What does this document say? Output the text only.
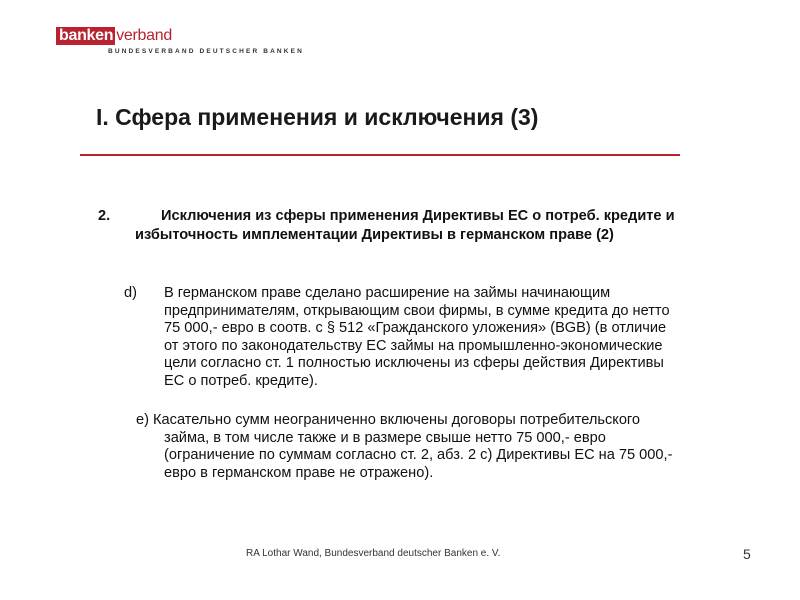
banken verband
BUNDESVERBAND DEUTSCHER BANKEN
I. Сфера применения и исключения (3)
2.	Исключения из сферы применения Директивы ЕС о потреб. кредите и
избыточность имплементации Директивы в германском праве (2)
d) В германском праве сделано расширение на займы начинающим
предпринимателям, открывающим свои фирмы, в сумме кредита до нетто
75 000,- евро в соотв. с § 512 «Гражданского уложения» (BGB) (в отличие
от этого по законодательству ЕС займы на промышленно-экономические
цели согласно ст. 1 полностью исключены из сферы действия Директивы
ЕС о потреб. кредите).
е) Касательно сумм неограниченно включены договоры потребительского
займа, в том числе также и в размере свыше нетто 75 000,- евро
(ограничение по суммам согласно ст. 2, абз. 2 с) Директивы ЕС на 75 000,-
евро в германском праве не отражено).
RA Lothar Wand, Bundesverband deutscher Banken e. V.	5
